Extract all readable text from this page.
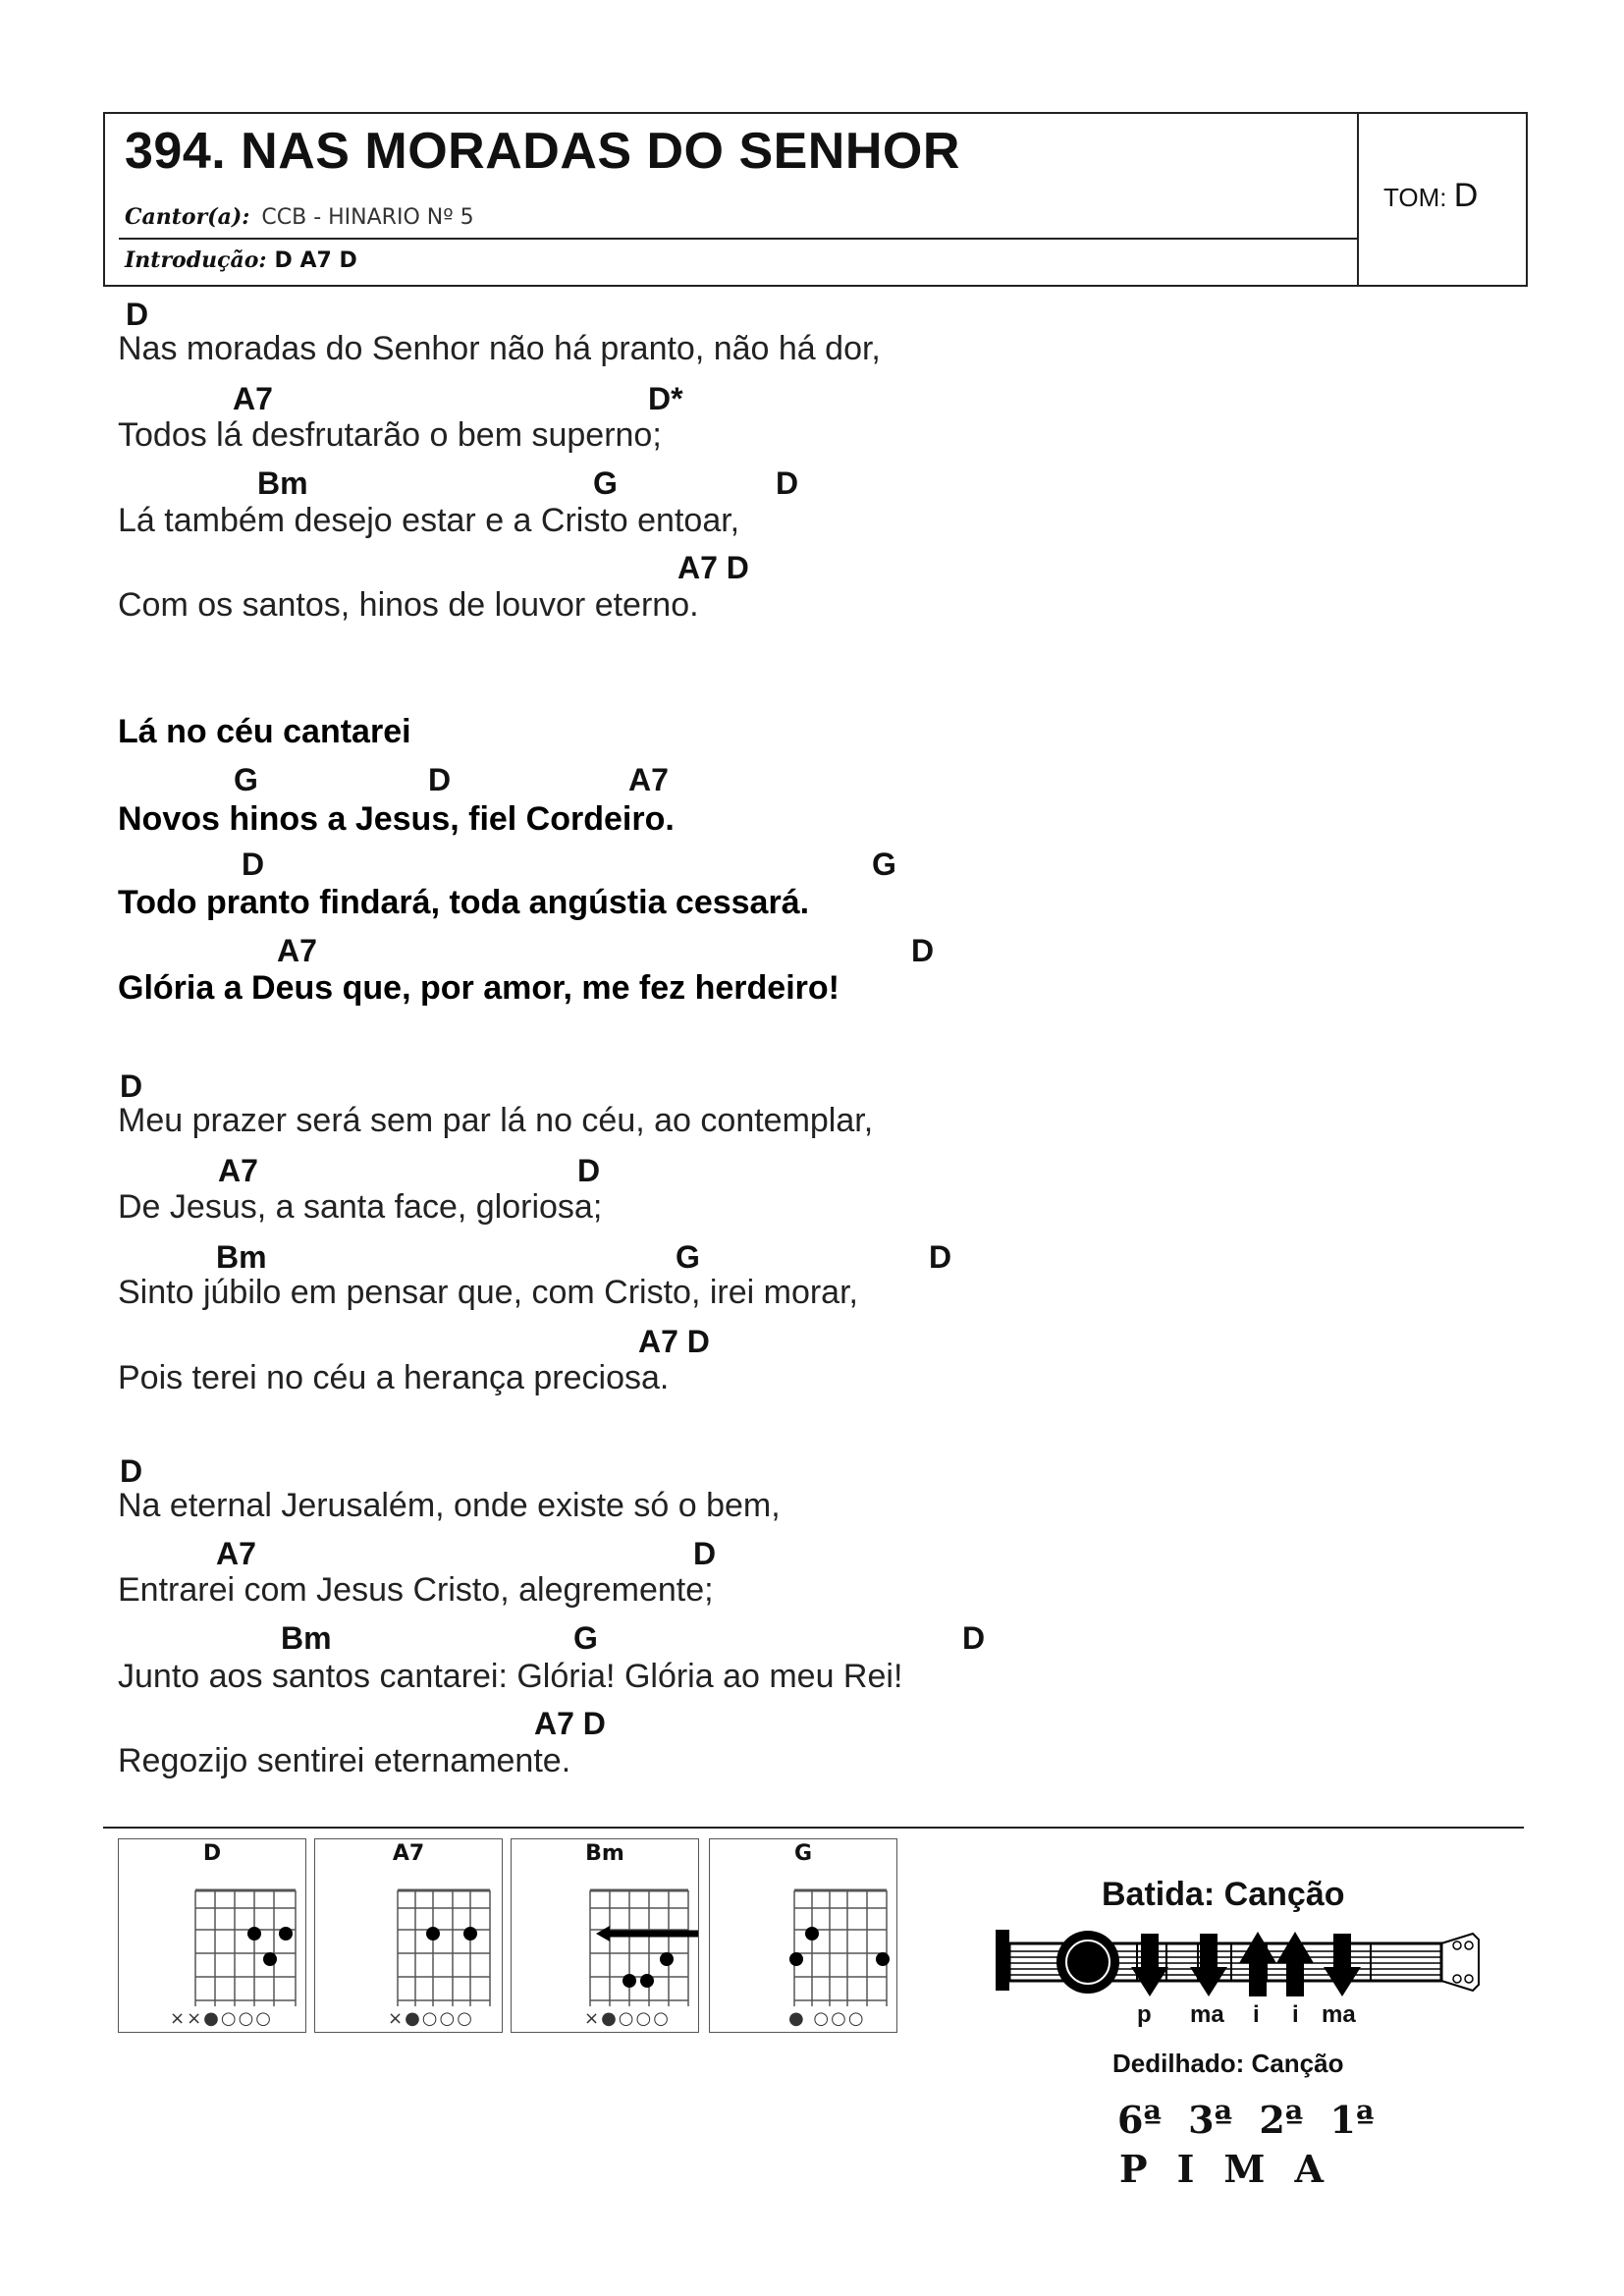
394. NAS MORADAS DO SENHOR
Cantor(a): CCB - HINARIO Nº 5
Introdução: D A7 D
TOM: D
D
Nas moradas do Senhor não há pranto, não há dor,
A7	D*
Todos lá desfrutarão o bem superno;
Bm	G	D
Lá também desejo estar e a Cristo entoar,
A7 D
Com os santos, hinos de louvor eterno.
Lá no céu cantarei
G	D	A7
Novos hinos a Jesus, fiel Cordeiro.
D	G
Todo pranto findará, toda angústia cessará.
A7	D
Glória a Deus que, por amor, me fez herdeiro!
D
Meu prazer será sem par lá no céu, ao contemplar,
A7	D
De Jesus, a santa face, gloriosa;
Bm	G	D
Sinto júbilo em pensar que, com Cristo, irei morar,
A7 D
Pois terei no céu a herança preciosa.
D
Na eternal Jerusalém, onde existe só o bem,
A7	D
Entrarei com Jesus Cristo, alegremente;
Bm	G	D
Junto aos santos cantarei: Glória! Glória ao meu Rei!
A7 D
Regozijo sentirei eternamente.
D
××●○○○
A7
×●○○○
Bm
×●○○○
G
● ○○○
Batida: Canção
p ma i i ma
Dedilhado: Canção
6ª 3ª 2ª 1ª
P I M A
